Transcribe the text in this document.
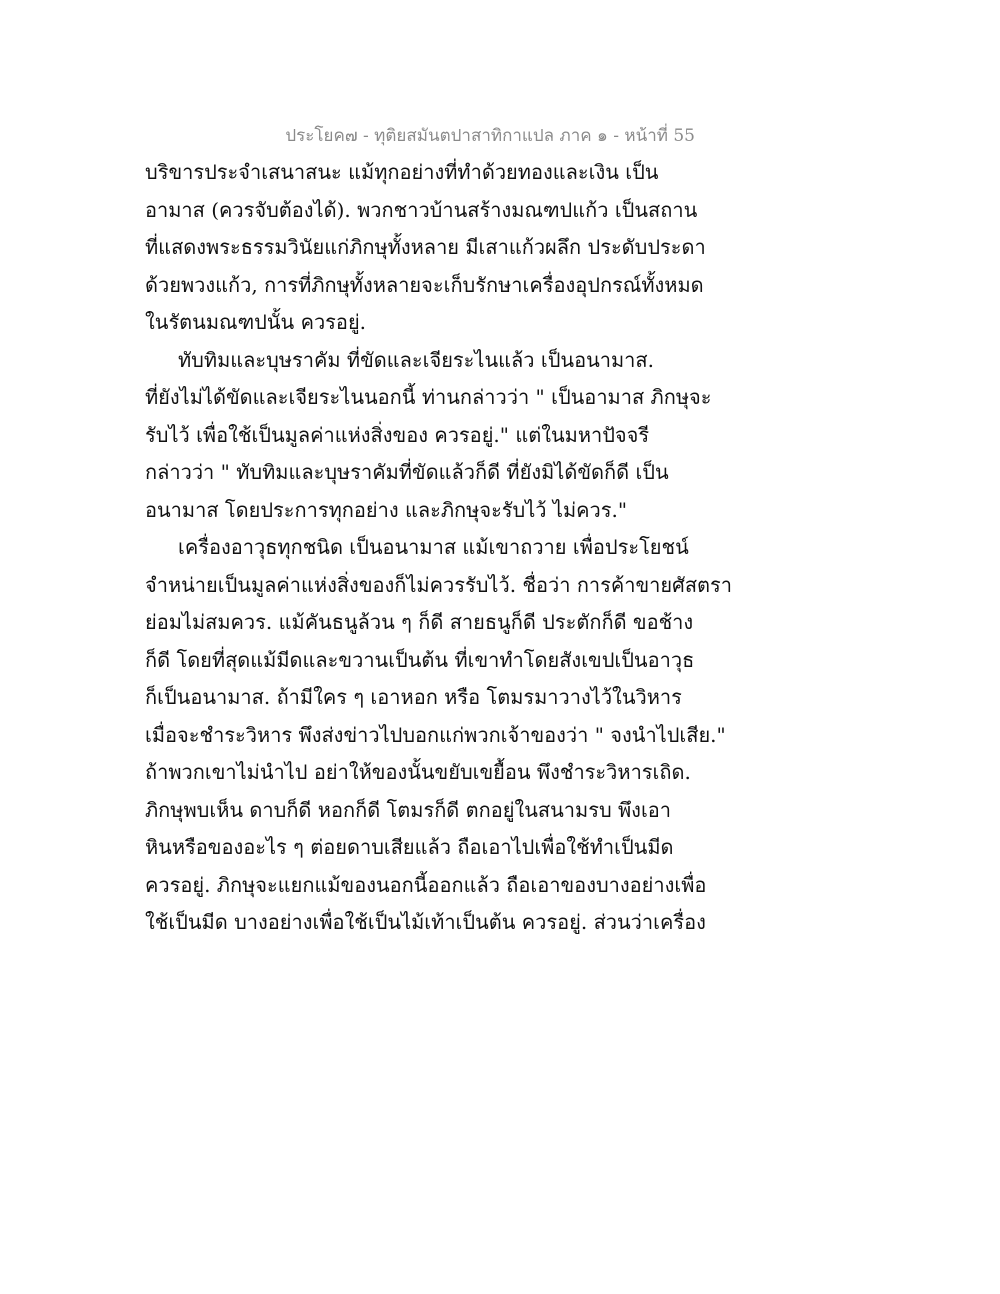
ประโยค๗ - ทุติยสมันตปาสาทิกาแปล ภาค ๑ - หน้าที่ 55
บริขารประจำเสนาสนะ แม้ทุกอย่างที่ทำด้วยทองและเงิน เป็น
อามาส (ควรจับต้องได้). พวกชาวบ้านสร้างมณฑปแก้ว เป็นสถาน
ที่แสดงพระธรรมวินัยแก่ภิกษุทั้งหลาย มีเสาแก้วผลึก ประดับประดา
ด้วยพวงแก้ว, การที่ภิกษุทั้งหลายจะเก็บรักษาเครื่องอุปกรณ์ทั้งหมด
ในรัตนมณฑปนั้น ควรอยู่.
ทับทิมและบุษราคัม ที่ขัดและเจียระไนแล้ว เป็นอนามาส.
ที่ยังไม่ได้ขัดและเจียระไนนอกนี้ ท่านกล่าวว่า " เป็นอามาส ภิกษุจะ
รับไว้ เพื่อใช้เป็นมูลค่าแห่งสิ่งของ ควรอยู่." แต่ในมหาปัจจรี
กล่าวว่า " ทับทิมและบุษราคัมที่ขัดแล้วก็ดี ที่ยังมิได้ขัดก็ดี เป็น
อนามาส โดยประการทุกอย่าง และภิกษุจะรับไว้ ไม่ควร."
เครื่องอาวุธทุกชนิด เป็นอนามาส แม้เขาถวาย เพื่อประโยชน์
จำหน่ายเป็นมูลค่าแห่งสิ่งของก็ไม่ควรรับไว้. ชื่อว่า การค้าขายศัสตรา
ย่อมไม่สมควร. แม้คันธนูล้วน ๆ ก็ดี สายธนูก็ดี ประตักก็ดี ขอช้าง
ก็ดี โดยที่สุดแม้มีดและขวานเป็นต้น ที่เขาทำโดยสังเขปเป็นอาวุธ
ก็เป็นอนามาส. ถ้ามีใคร ๆ เอาหอก หรือ โตมรมาวางไว้ในวิหาร
เมื่อจะชำระวิหาร พึงส่งข่าวไปบอกแก่พวกเจ้าของว่า " จงนำไปเสีย."
ถ้าพวกเขาไม่นำไป อย่าให้ของนั้นขยับเขยื้อน พึงชำระวิหารเถิด.
ภิกษุพบเห็น ดาบก็ดี หอกก็ดี โตมรก็ดี ตกอยู่ในสนามรบ พึงเอา
หินหรือของอะไร ๆ ต่อยดาบเสียแล้ว ถือเอาไปเพื่อใช้ทำเป็นมีด
ควรอยู่. ภิกษุจะแยกแม้ของนอกนี้ออกแล้ว ถือเอาของบางอย่างเพื่อ
ใช้เป็นมีด บางอย่างเพื่อใช้เป็นไม้เท้าเป็นต้น ควรอยู่. ส่วนว่าเครื่อง
